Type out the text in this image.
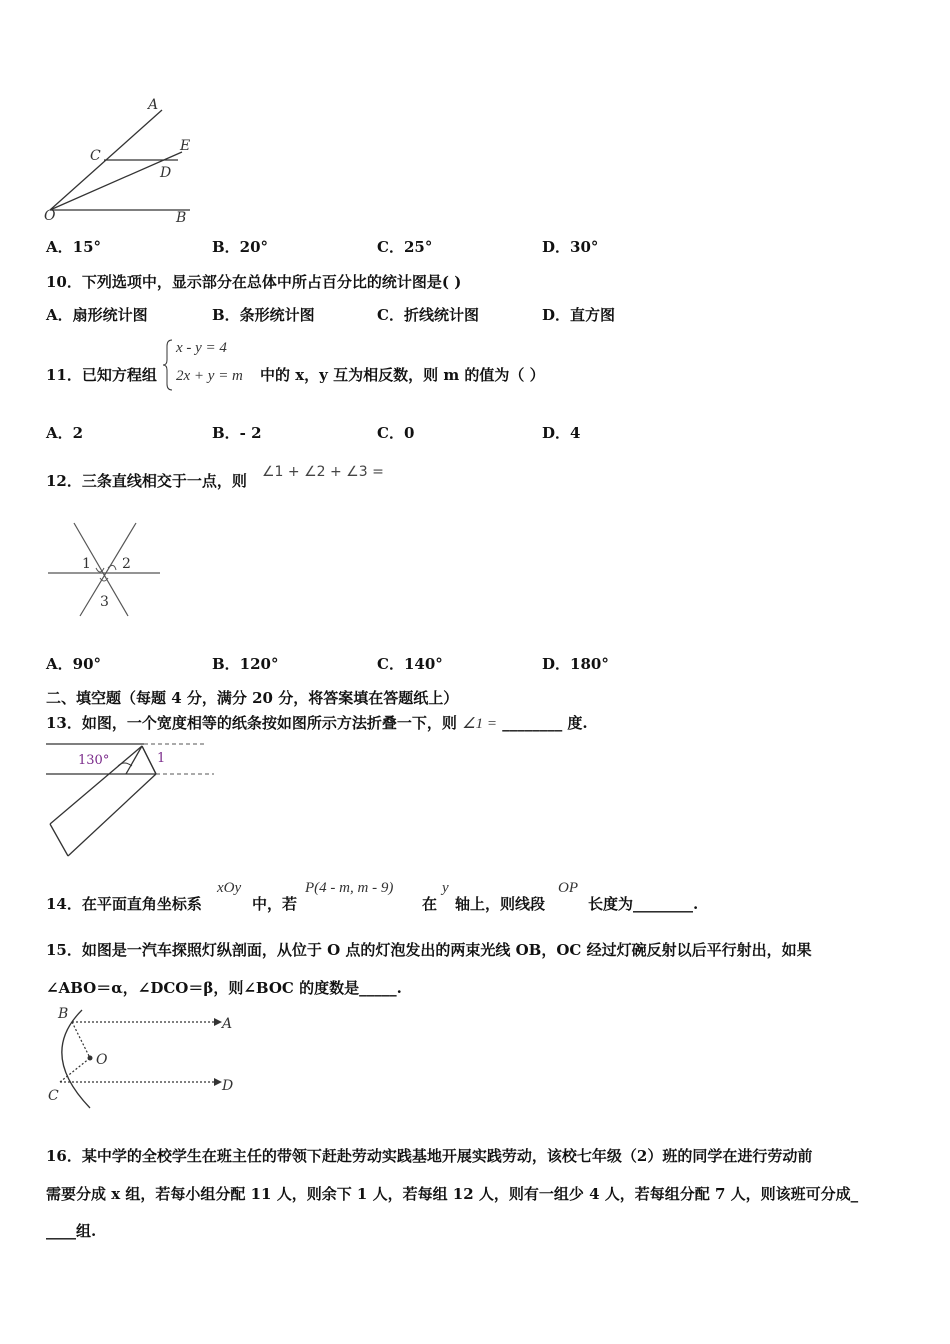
A
E
C
D
O	B
A．15°	B．20°	C．25°	D．30°
10．下列选项中，显示部分在总体中所占百分比的统计图是( )
A．扇形统计图	B．条形统计图	C．折线统计图	D．直方图
11．已知方程组
x - y = 4
2x + y = m 中的 x，y 互为相反数，则 m 的值为（ ）
A．2	B．- 2	C．0	D．4
12．三条直线相交于一点，则 ∠1 + ∠2 + ∠3 =
1 2
3
A．90°	B．120°	C．140°	D．180°
二、填空题（每题 4 分，满分 20 分，将答案填在答题纸上）
13．如图，一个宽度相等的纸条按如图所示方法折叠一下，则 ∠1 = ________ 度.
130°	1
14．在平面直角坐标系
xOy
中，若
P(4 - m, m - 9)
在
y
轴上，则线段
OP
长度为________.
15．如图是一汽车探照灯纵剖面，从位于 O 点的灯泡发出的两束光线 OB，OC 经过灯碗反射以后平行射出，如果
∠ABO＝α，∠DCO＝β，则∠BOC 的度数是_____.
B
A
O
C
D
16．某中学的全校学生在班主任的带领下赶赴劳动实践基地开展实践劳动，该校七年级（2）班的同学在进行劳动前
需要分成 x 组，若每小组分配 11 人，则余下 1 人，若每组 12 人，则有一组少 4 人，若每组分配 7 人，则该班可分成_
____组.
